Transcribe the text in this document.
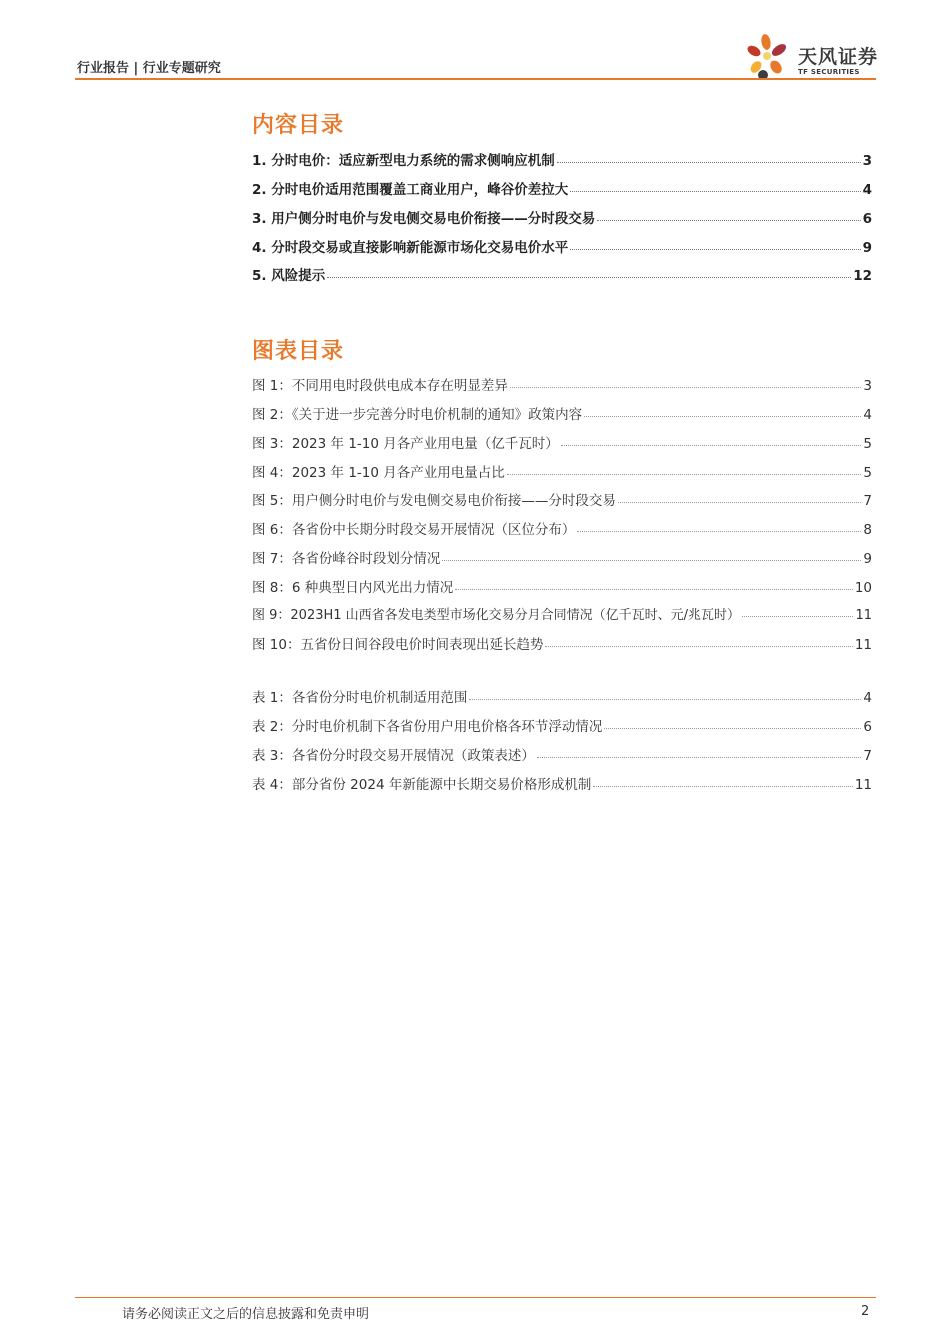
行业报告 | 行业专题研究
天风证券
TF SECURITIES
内容目录
1. 分时电价：适应新型电力系统的需求侧响应机制	3
2. 分时电价适用范围覆盖工商业用户，峰谷价差拉大	4
3. 用户侧分时电价与发电侧交易电价衔接——分时段交易	6
4. 分时段交易或直接影响新能源市场化交易电价水平	9
5. 风险提示	12
图表目录
图 1：不同用电时段供电成本存在明显差异	3
图 2：《关于进一步完善分时电价机制的通知》政策内容	4
图 3：2023 年 1-10 月各产业用电量（亿千瓦时）	5
图 4：2023 年 1-10 月各产业用电量占比	5
图 5：用户侧分时电价与发电侧交易电价衔接——分时段交易	7
图 6：各省份中长期分时段交易开展情况（区位分布）	8
图 7：各省份峰谷时段划分情况	9
图 8：6 种典型日内风光出力情况	10
图 9：2023H1 山西省各发电类型市场化交易分月合同情况（亿千瓦时、元/兆瓦时）	11
图 10：五省份日间谷段电价时间表现出延长趋势	11
表 1：各省份分时电价机制适用范围	4
表 2：分时电价机制下各省份用户用电价格各环节浮动情况	6
表 3：各省份分时段交易开展情况（政策表述）	7
表 4：部分省份 2024 年新能源中长期交易价格形成机制	11
请务必阅读正文之后的信息披露和免责申明	2
